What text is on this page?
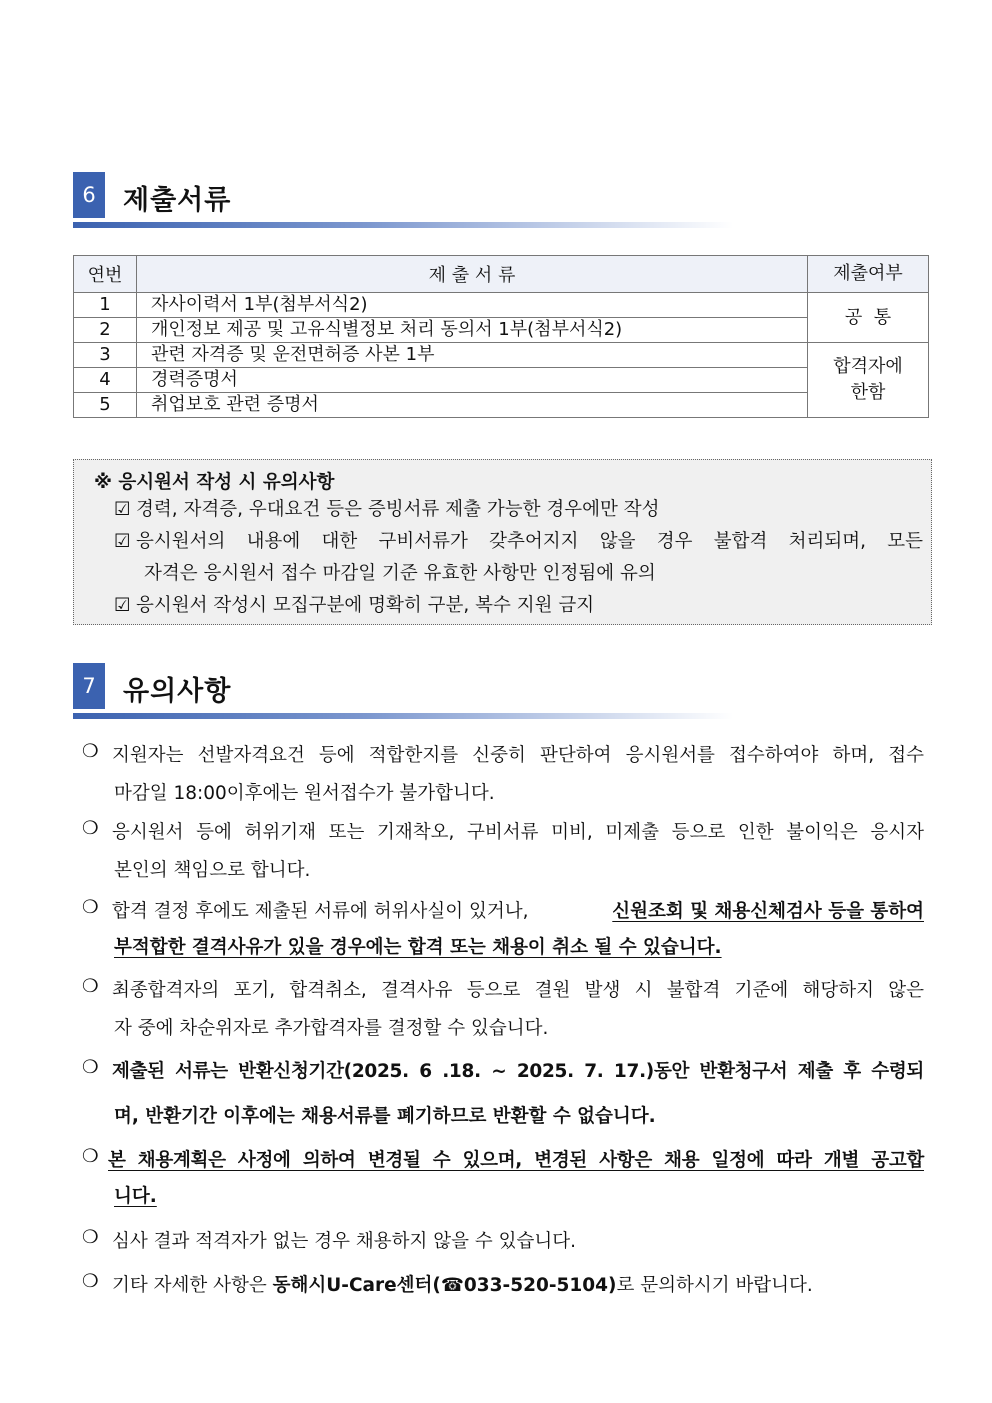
6	제출서류
연번	제 출 서 류	제출여부
1	자사이력서 1부(첨부서식2)	공  통
2	개인정보 제공 및 고유식별정보 처리 동의서 1부(첨부서식2)	
3	관련 자격증 및 운전면허증 사본 1부	합격자에
한함

4	경력증명서	
5	취업보호 관련 증명서	
※ 응시원서 작성 시 유의사항
☑ 경력, 자격증, 우대요건 등은 증빙서류 제출 가능한 경우에만 작성
☑ 응시원서의 내용에 대한 구비서류가 갖추어지지 않을 경우 불합격 처리되며, 모든
자격은 응시원서 접수 마감일 기준 유효한 사항만 인정됨에 유의
☑ 응시원서 작성시 모집구분에 명확히 구분, 복수 지원 금지
7	유의사항
❍ 지원자는 선발자격요건 등에 적합한지를 신중히 판단하여 응시원서를 접수하여야 하며, 접수
마감일 18:00이후에는 원서접수가 불가합니다.
❍ 응시원서 등에 허위기재 또는 기재착오, 구비서류 미비, 미제출 등으로 인한 불이익은 응시자
본인의 책임으로 합니다.
❍ 합격 결정 후에도 제출된 서류에 허위사실이 있거나,	신원조회 및 채용신체검사 등을 통하여
부적합한 결격사유가 있을 경우에는 합격 또는 채용이 취소 될 수 있습니다.
❍ 최종합격자의 포기, 합격취소, 결격사유 등으로 결원 발생 시 불합격 기준에 해당하지 않은
자 중에 차순위자로 추가합격자를 결정할 수 있습니다.
❍ 제출된 서류는 반환신청기간(2025. 6 .18. ~ 2025. 7. 17.)동안 반환청구서 제출 후 수령되
며, 반환기간 이후에는 채용서류를 폐기하므로 반환할 수 없습니다.
❍ 본 채용계획은 사정에 의하여 변경될 수 있으며, 변경된 사항은 채용 일정에 따라 개별 공고합
니다.
❍ 심사 결과 적격자가 없는 경우 채용하지 않을 수 있습니다.
❍ 기타 자세한 사항은 동해시U-Care센터(☎033-520-5104)로 문의하시기 바랍니다.
